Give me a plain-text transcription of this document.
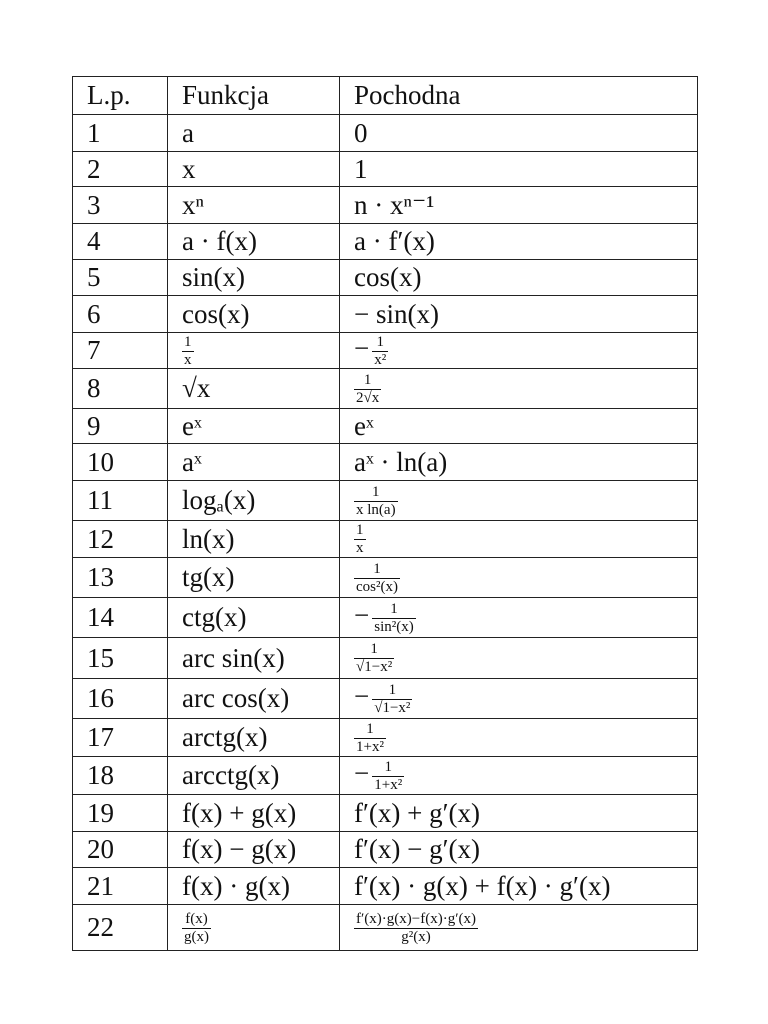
L.p.	Funkcja	Pochodna
1	a	0
2	x	1
3	xⁿ	n · xⁿ⁻¹
4	a · f(x)	a · f′(x)
5	sin(x)	cos(x)
6	cos(x)	− sin(x)
7	$\frac{1}{x}$	− $\frac{1}{\text{x²}}$

8	√x	$\frac{1}{2√x}$

9	eˣ	eˣ
10	aˣ	aˣ · ln(a)
11	logₐ(x)	$\frac{1}{\text{x ln(a)}}$

12	ln(x)	$\frac{1}{x}$

13	tg(x)	$\frac{1}{\text{cos²(x)}}$

14	ctg(x)	− $\frac{1}{\text{sin²(x)}}$

15	arc sin(x)	$\frac{1}{\text{√1−x²}}$

16	arc cos(x)	− $\frac{1}{\text{√1−x²}}$

17	arctg(x)	$\frac{1}{\text{1+x²}}$

18	arcctg(x)	− $\frac{1}{\text{1+x²}}$

19	f(x) + g(x)	f′(x) + g′(x)
20	f(x) − g(x)	f′(x) − g′(x)
21	f(x) · g(x)	f′(x) · g(x) + f(x) · g′(x)
22	$\frac{f(x)}{g(x)}$	$\frac{f'(x)\cdot g(x)-f(x)\cdot g'(x)}{\text{g²(x)}}$
